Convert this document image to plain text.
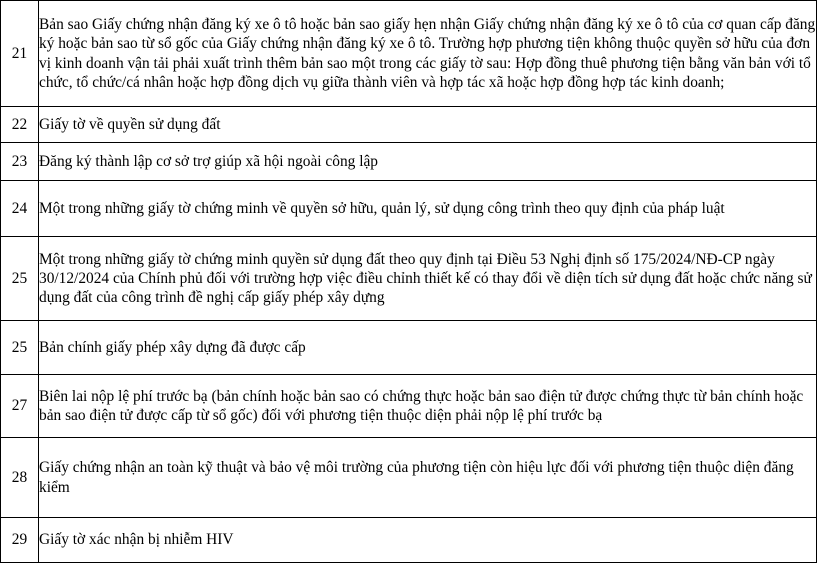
21	Bản sao Giấy chứng nhận đăng ký xe ô tô hoặc bản sao giấy hẹn nhận Giấy chứng nhận đăng ký xe ô tô của cơ quan cấp đăng ký hoặc bản sao từ sổ gốc của Giấy chứng nhận đăng ký xe ô tô. Trường hợp phương tiện không thuộc quyền sở hữu của đơn vị kinh doanh vận tải phải xuất trình thêm bản sao một trong các giấy tờ sau: Hợp đồng thuê phương tiện bằng văn bản với tổ chức, tổ chức/cá nhân hoặc hợp đồng dịch vụ giữa thành viên và hợp tác xã hoặc hợp đồng hợp tác kinh doanh;
22	Giấy tờ về quyền sử dụng đất
23	Đăng ký thành lập cơ sở trợ giúp xã hội ngoài công lập
24	Một trong những giấy tờ chứng minh về quyền sở hữu, quản lý, sử dụng công trình theo quy định của pháp luật
25	Một trong những giấy tờ chứng minh quyền sử dụng đất theo quy định tại Điều 53 Nghị định số 175/2024/NĐ-CP ngày 30/12/2024 của Chính phủ đối với trường hợp việc điều chỉnh thiết kế có thay đổi về diện tích sử dụng đất hoặc chức năng sử dụng đất của công trình đề nghị cấp giấy phép xây dựng
25	Bản chính giấy phép xây dựng đã được cấp
27	Biên lai nộp lệ phí trước bạ (bản chính hoặc bản sao có chứng thực hoặc bản sao điện tử được chứng thực từ bản chính hoặc bản sao điện tử được cấp từ sổ gốc) đối với phương tiện thuộc diện phải nộp lệ phí trước bạ
28	Giấy chứng nhận an toàn kỹ thuật và bảo vệ môi trường của phương tiện còn hiệu lực đối với phương tiện thuộc diện đăng kiểm
29	Giấy tờ xác nhận bị nhiễm HIV
